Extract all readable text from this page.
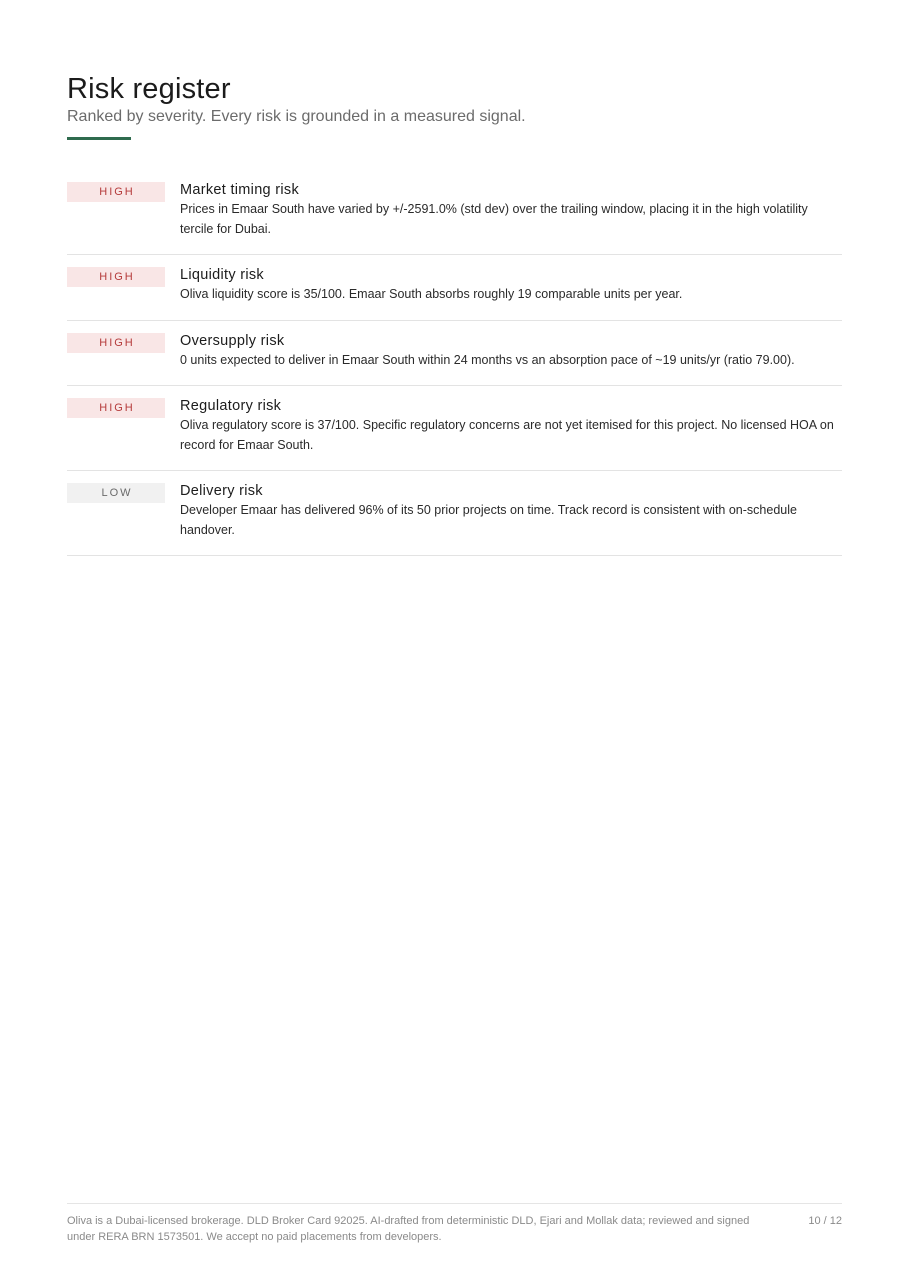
Risk register

Ranked by severity. Every risk is grounded in a measured signal.

HIGH	Market timing risk

Prices in Emaar South have varied by +/-2591.0% (std dev) over the trailing window, placing it in the high volatility tercile for Dubai.

HIGH	Liquidity risk

Oliva liquidity score is 35/100. Emaar South absorbs roughly 19 comparable units per year.

HIGH	Oversupply risk

0 units expected to deliver in Emaar South within 24 months vs an absorption pace of ~19 units/yr (ratio 79.00).

HIGH	Regulatory risk

Oliva regulatory score is 37/100. Specific regulatory concerns are not yet itemised for this project. No licensed HOA on record for Emaar South.

LOW	Delivery risk

Developer Emaar has delivered 96% of its 50 prior projects on time. Track record is consistent with on-schedule handover.

Oliva is a Dubai-licensed brokerage. DLD Broker Card 92025. AI-drafted from deterministic DLD, Ejari and Mollak data; reviewed and signed under RERA BRN 1573501. We accept no paid placements from developers.

10 / 12
